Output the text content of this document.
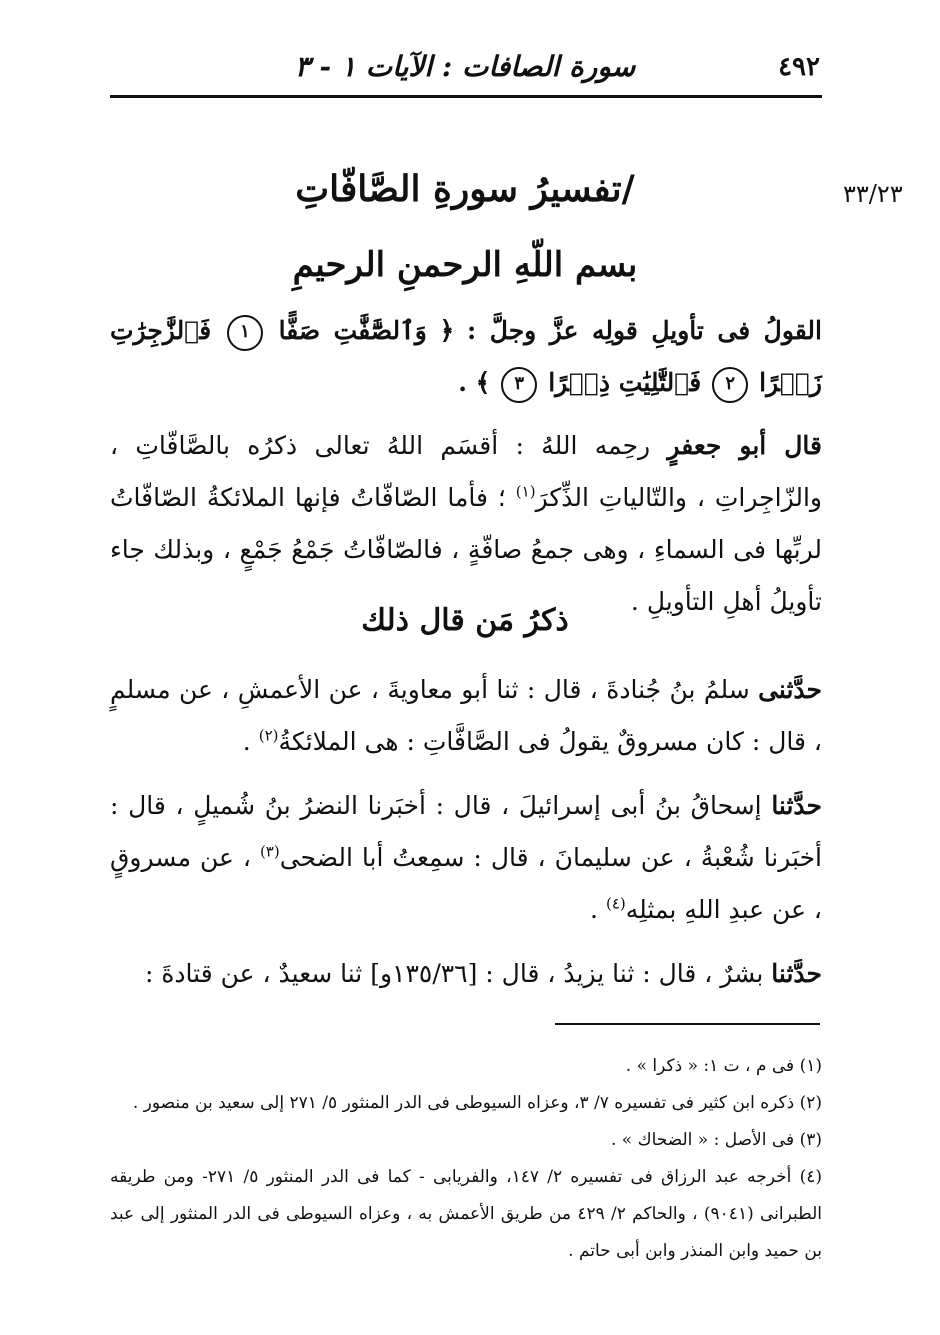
٤٩٢
سورة الصافات : الآيات ١ - ٣
٣٣/٢٣
/تفسيرُ سورةِ الصَّافّاتِ
بسم اللّهِ الرحمنِ الرحيمِ
القولُ فى تأويلِ قولِه عزَّ وجلَّ : ﴿ وَٱلصَّٰٓفَّٰتِ صَفًّا ١ فَٱلزَّٰجِرَٰتِ زَجۡرًا ٢ فَٱلتَّٰلِيَٰتِ ذِكۡرًا ٣ ﴾ .
قال أبو جعفرٍ رحِمه اللهُ : أقسَم اللهُ تعالى ذكرُه بالصَّافّاتِ ، والزّاجِراتِ ، والتّالياتِ الذِّكرَ$^{(١)}$ ؛ فأما الصّافّاتُ فإنها الملائكةُ الصّافّاتُ لربِّها فى السماءِ ، وهى جمعُ صافّةٍ ، فالصّافّاتُ جَمْعُ جَمْعٍ ، وبذلك جاء تأويلُ أهلِ التأويلِ .
ذكرُ مَن قال ذلك
حدَّثنى سلمُ بنُ جُنادةَ ، قال : ثنا أبو معاويةَ ، عن الأعمشِ ، عن مسلمٍ ، قال : كان مسروقٌ يقولُ فى الصَّافَّاتِ : هى الملائكةُ$^{(٢)}$ .
حدَّثنا إسحاقُ بنُ أبى إسرائيلَ ، قال : أخبَرنا النضرُ بنُ شُميلٍ ، قال : أخبَرنا شُعْبةُ ، عن سليمانَ ، قال : سمِعتُ أبا الضحى$^{(٣)}$ ، عن مسروقٍ ، عن عبدِ اللهِ بمثلِه$^{(٤)}$ .
حدَّثنا بشرٌ ، قال : ثنا يزيدُ ، قال : [١٣٥/٣٦و] ثنا سعيدٌ ، عن قتادةَ :

(١) فى م ، ت ١: « ذكرا » .

(٢) ذكره ابن كثير فى تفسيره ٧/ ٣، وعزاه السيوطى فى الدر المنثور ٥/ ٢٧١ إلى سعيد بن منصور .

(٣) فى الأصل : « الضحاك » .

(٤) أخرجه عبد الرزاق فى تفسيره ٢/ ١٤٧، والفريابى - كما فى الدر المنثور ٥/ ٢٧١- ومن طريقه الطبرانى (٩٠٤١) ، والحاكم ٢/ ٤٢٩ من طريق الأعمش به ، وعزاه السيوطى فى الدر المنثور إلى عبد بن حميد وابن المنذر وابن أبى حاتم .
